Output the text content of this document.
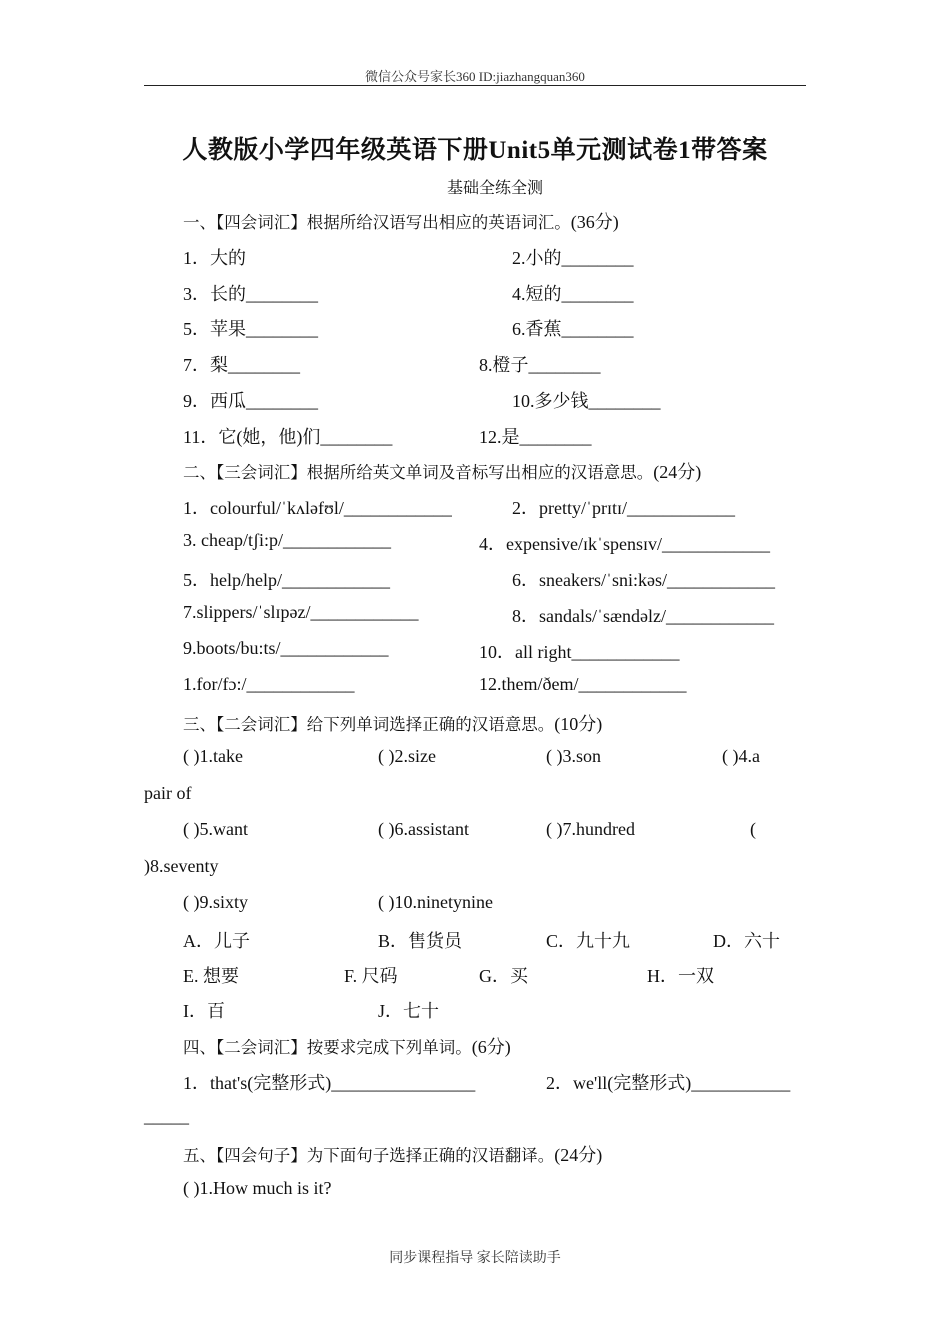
微信公众号家长360 ID:jiazhangquan360
人教版小学四年级英语下册Unit5单元测试卷1带答案
基础全练全测
一、【四会词汇】根据所给汉语写出相应的英语词汇。(36分)
1．大的	2.小的________
3．长的________	4.短的________
5．苹果________	6.香蕉________
7．梨________	8.橙子________
9．西瓜________	10.多少钱________
11．它(她，他)们________	12.是________
二、【三会词汇】根据所给英文单词及音标写出相应的汉语意思。(24分)
1．colourful/ˈkʌləfʊl/____________	2．pretty/ˈprɪtɪ/____________
3. cheap/tʃi:p/____________	4．expensive/ɪkˈspensɪv/____________
5．help/help/____________	6．sneakers/ˈsni:kəs/____________
7.slippers/ˈslɪpəz/____________	8．sandals/ˈsændəlz/____________
9.boots/bu:ts/____________	10．all right____________
1.for/fɔ:/____________	12.them/ðem/____________
三、【二会词汇】给下列单词选择正确的汉语意思。(10分)
( )1.take	( )2.size	( )3.son	( )4.a
pair of
( )5.want	( )6.assistant	( )7.hundred	(
)8.seventy
( )9.sixty	( )10.ninetynine
A．儿子	B．售货员	C．九十九	D．六十
E. 想要	F. 尺码	G．买	H．一双
I．百	J．七十
四、【二会词汇】按要求完成下列单词。(6分)
1．that's(完整形式)________________	2．we'll(完整形式)___________
_____
五、【四会句子】为下面句子选择正确的汉语翻译。(24分)
( )1.How much is it?
同步课程指导 家长陪读助手
